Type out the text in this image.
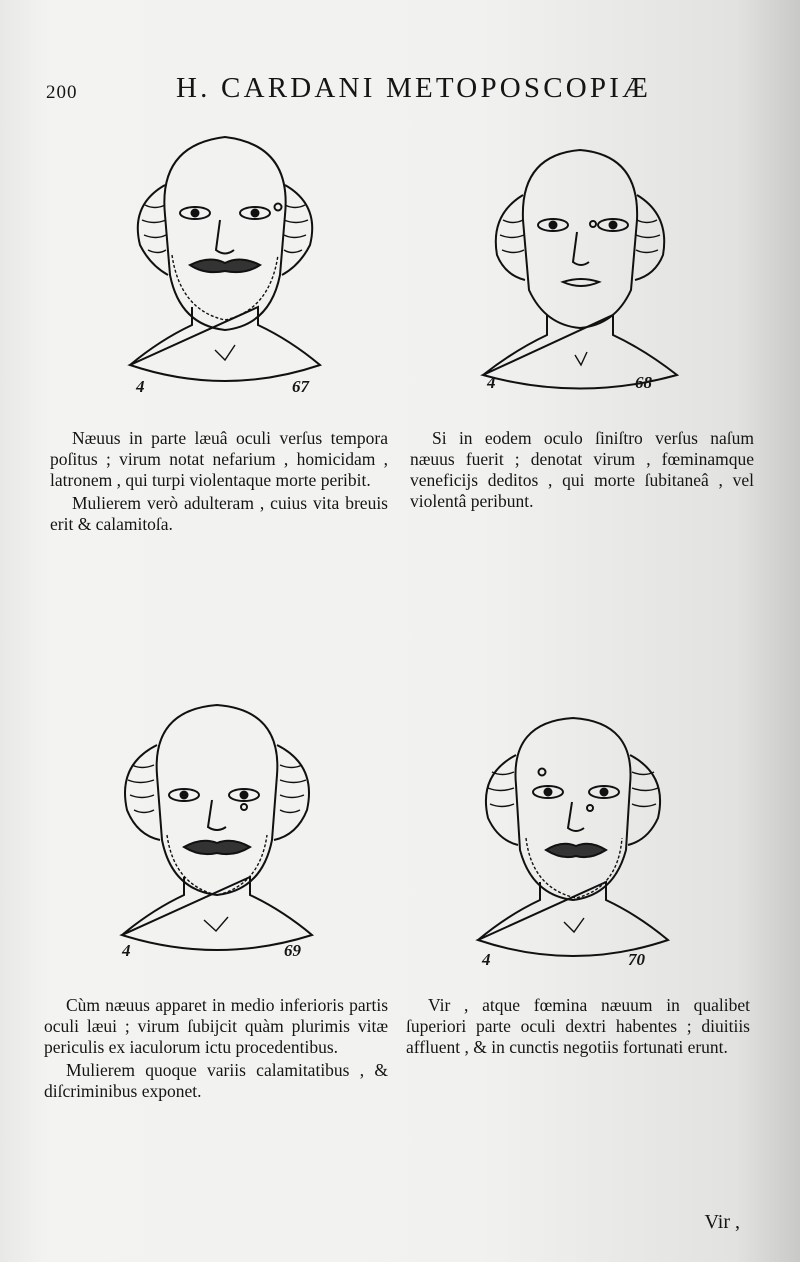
200	H. CARDANI METOPOSCOPIÆ
4	67	4	68

Næuus in parte læuâ oculi verſus tempora poſitus ; virum notat nefarium , homicidam , latronem , qui turpi violentaque morte peribit.

Mulierem verò adulteram , cuius vita breuis erit & calamitoſa.

Si in eodem oculo ſiniſtro verſus naſum næuus fuerit ; denotat virum , fœminamque veneficijs deditos , qui morte ſubitaneâ , vel violentâ peribunt.

4	69	4	70

Cùm næuus apparet in medio inferioris partis oculi læui ; virum ſubijcit quàm plurimis vitæ periculis ex iaculorum ictu procedentibus.

Mulierem quoque variis calamitatibus , & diſcriminibus exponet.

Vir , atque fœmina næuum in qualibet ſuperiori parte oculi dextri habentes ; diuitiis affluent , & in cunctis negotiis fortunati erunt.

Vir ,
